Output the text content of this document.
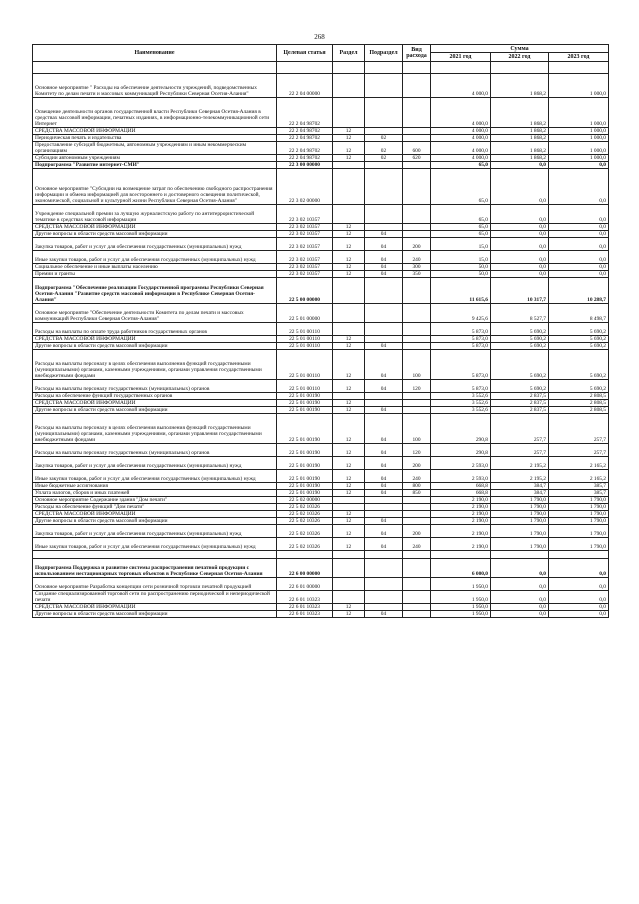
268
Наименование	Целевая статья	Раздел	Подраздел	Вид расхода	Сумма		
					2021 год	2022 год	2023 год

Основное мероприятие " Расходы на обеспечение деятельности учреждений, подведомственных Комитету по делам печати и массовых коммуникаций Республики Северная Осетия-Алания"	22 2 04 00000				4 000,0	1 868,2	1 000,0
Освещение деятельности органов государственной власти Республики Северная Осетия-Алания в средствах массовой информации, печатных изданиях, в информационно-телекоммуникационной сети Интернет	22 2 04 98702				4 000,0	1 868,2	1 000,0
СРЕДСТВА МАССОВОЙ ИНФОРМАЦИИ	22 2 04 98702	12			4 000,0	1 868,2	1 000,0
Периодическая печать и издательства	22 2 04 98702	12	02		4 000,0	1 868,2	1 000,0
Предоставление субсидий бюджетным, автономным учреждениям и иным некоммерческим организациям	22 2 04 98702	12	02	600	4 000,0	1 868,2	1 000,0
Субсидии автономным учреждениям	22 2 04 98702	12	02	620	4 000,0	1 868,2	1 000,0
Подпрограмма "Развитие интернет-СМИ"	22 3 00 00000				65,0	0,0	0,0
Основное мероприятие "Субсидии на возмещение затрат по обеспечению свободного распространения информации и обмена информацией для всестороннего и достоверного освещения политической, экономической, социальной и культурной жизни Республики Северная Осетия-Алания"	22 3 02 00000				65,0	0,0	0,0
Учреждение специальной премии за лучшую журналистскую работу по антитеррористической тематике в средствах массовой информации	22 3 02 10357				65,0	0,0	0,0
СРЕДСТВА МАССОВОЙ ИНФОРМАЦИИ	22 3 02 10357	12			65,0	0,0	0,0
Другие вопросы в области средств массовой информации	22 3 02 10357	12	04		65,0	0,0	0,0
Закупка товаров, работ и услуг для обеспечения государственных (муниципальных) нужд	22 3 02 10357	12	04	200	15,0	0,0	0,0
Иные закупки товаров, работ и услуг для обеспечения государственных (муниципальных) нужд	22 3 02 10357	12	04	240	15,0	0,0	0,0
Социальное обеспечение и иные выплаты населению	22 3 02 10357	12	04	300	50,0	0,0	0,0
Премии и гранты	22 3 02 10357	12	04	350	50,0	0,0	0,0
Подпрограмма "Обеспечение реализации Государственной программы Республики Северная Осетия-Алания "Развитие средств массовой информации в Республике Северная Осетия-Алания"	22 5 00 00000				11 615,6	10 317,7	10 288,7
Основное мероприятие "Обеспечение деятельности Комитета по делам печати и массовых коммуникаций Республики Северная Осетия-Алания"	22 5 01 00000				9 425,6	8 527,7	8 498,7
Расходы на выплаты по оплате труда работников государственных органов	22 5 01 00110				5 873,0	5 690,2	5 690,2
СРЕДСТВА МАССОВОЙ ИНФОРМАЦИИ	22 5 01 00110	12			5 873,0	5 690,2	5 690,2
Другие вопросы в области средств массовой информации	22 5 01 00110	12	04		5 873,0	5 690,2	5 690,2
Расходы на выплаты персоналу в целях обеспечения выполнения функций государственными (муниципальными) органами, казенными учреждениями, органами управления государственными внебюджетными фондами	22 5 01 00110	12	04	100	5 873,0	5 690,2	5 690,2
Расходы на выплаты персоналу государственных (муниципальных) органов	22 5 01 00110	12	04	120	5 873,0	5 690,2	5 690,2
Расходы на обеспечение функций государственных органов	22 5 01 00190				3 552,6	2 837,5	2 808,5
СРЕДСТВА МАССОВОЙ ИНФОРМАЦИИ	22 5 01 00190	12			3 552,6	2 837,5	2 808,5
Другие вопросы в области средств массовой информации	22 5 01 00190	12	04		3 552,6	2 837,5	2 808,5
Расходы на выплаты персоналу в целях обеспечения выполнения функций государственными (муниципальными) органами, казенными учреждениями, органами управления государственными внебюджетными фондами	22 5 01 00190	12	04	100	290,8	257,7	257,7
Расходы на выплаты персоналу государственных (муниципальных) органов	22 5 01 00190	12	04	120	290,8	257,7	257,7
Закупка товаров, работ и услуг для обеспечения государственных (муниципальных) нужд	22 5 01 00190	12	04	200	2 593,0	2 195,2	2 165,2
Иные закупки товаров, работ и услуг для обеспечения государственных (муниципальных) нужд	22 5 01 00190	12	04	240	2 593,0	2 195,2	2 165,2
Иные бюджетные ассигнования	22 5 01 00190	12	04	800	668,8	384,7	385,7
Уплата налогов, сборов и иных платежей	22 5 01 00190	12	04	850	668,8	384,7	385,7
Основное мероприятие Содержание здания "Дом печати"	22 5 02 00000				2 190,0	1 790,0	1 790,0
Расходы на обеспечение функций "Дом печати"	22 5 02 10326				2 190,0	1 790,0	1 790,0
СРЕДСТВА МАССОВОЙ ИНФОРМАЦИИ	22 5 02 10326	12			2 190,0	1 790,0	1 790,0
Другие вопросы в области средств массовой информации	22 5 02 10326	12	04		2 190,0	1 790,0	1 790,0
Закупка товаров, работ и услуг для обеспечения государственных (муниципальных) нужд	22 5 02 10326	12	04	200	2 190,0	1 790,0	1 790,0
Иные закупки товаров, работ и услуг для обеспечения государственных (муниципальных) нужд	22 5 02 10326	12	04	240	2 190,0	1 790,0	1 790,0

Подпрограмма Поддержка и развитие системы распространения печатной продукции с использованием нестационарных торговых объектов в Республике Северная Осетия-Алания	22 6 00 00000				6 000,0	0,0	0,0
Основное мероприятие Разработка концепции сети розничной торговли печатной продукцией	22 6 01 00000				1 950,0	0,0	0,0
Создание специализированной торговой сети по распространению периодической и непериодической печати	22 6 01 10323				1 950,0	0,0	0,0
СРЕДСТВА МАССОВОЙ ИНФОРМАЦИИ	22 6 01 10323	12			1 950,0	0,0	0,0
Другие вопросы в области средств массовой информации	22 6 01 10323	12	04		1 950,0	0,0	0,0
